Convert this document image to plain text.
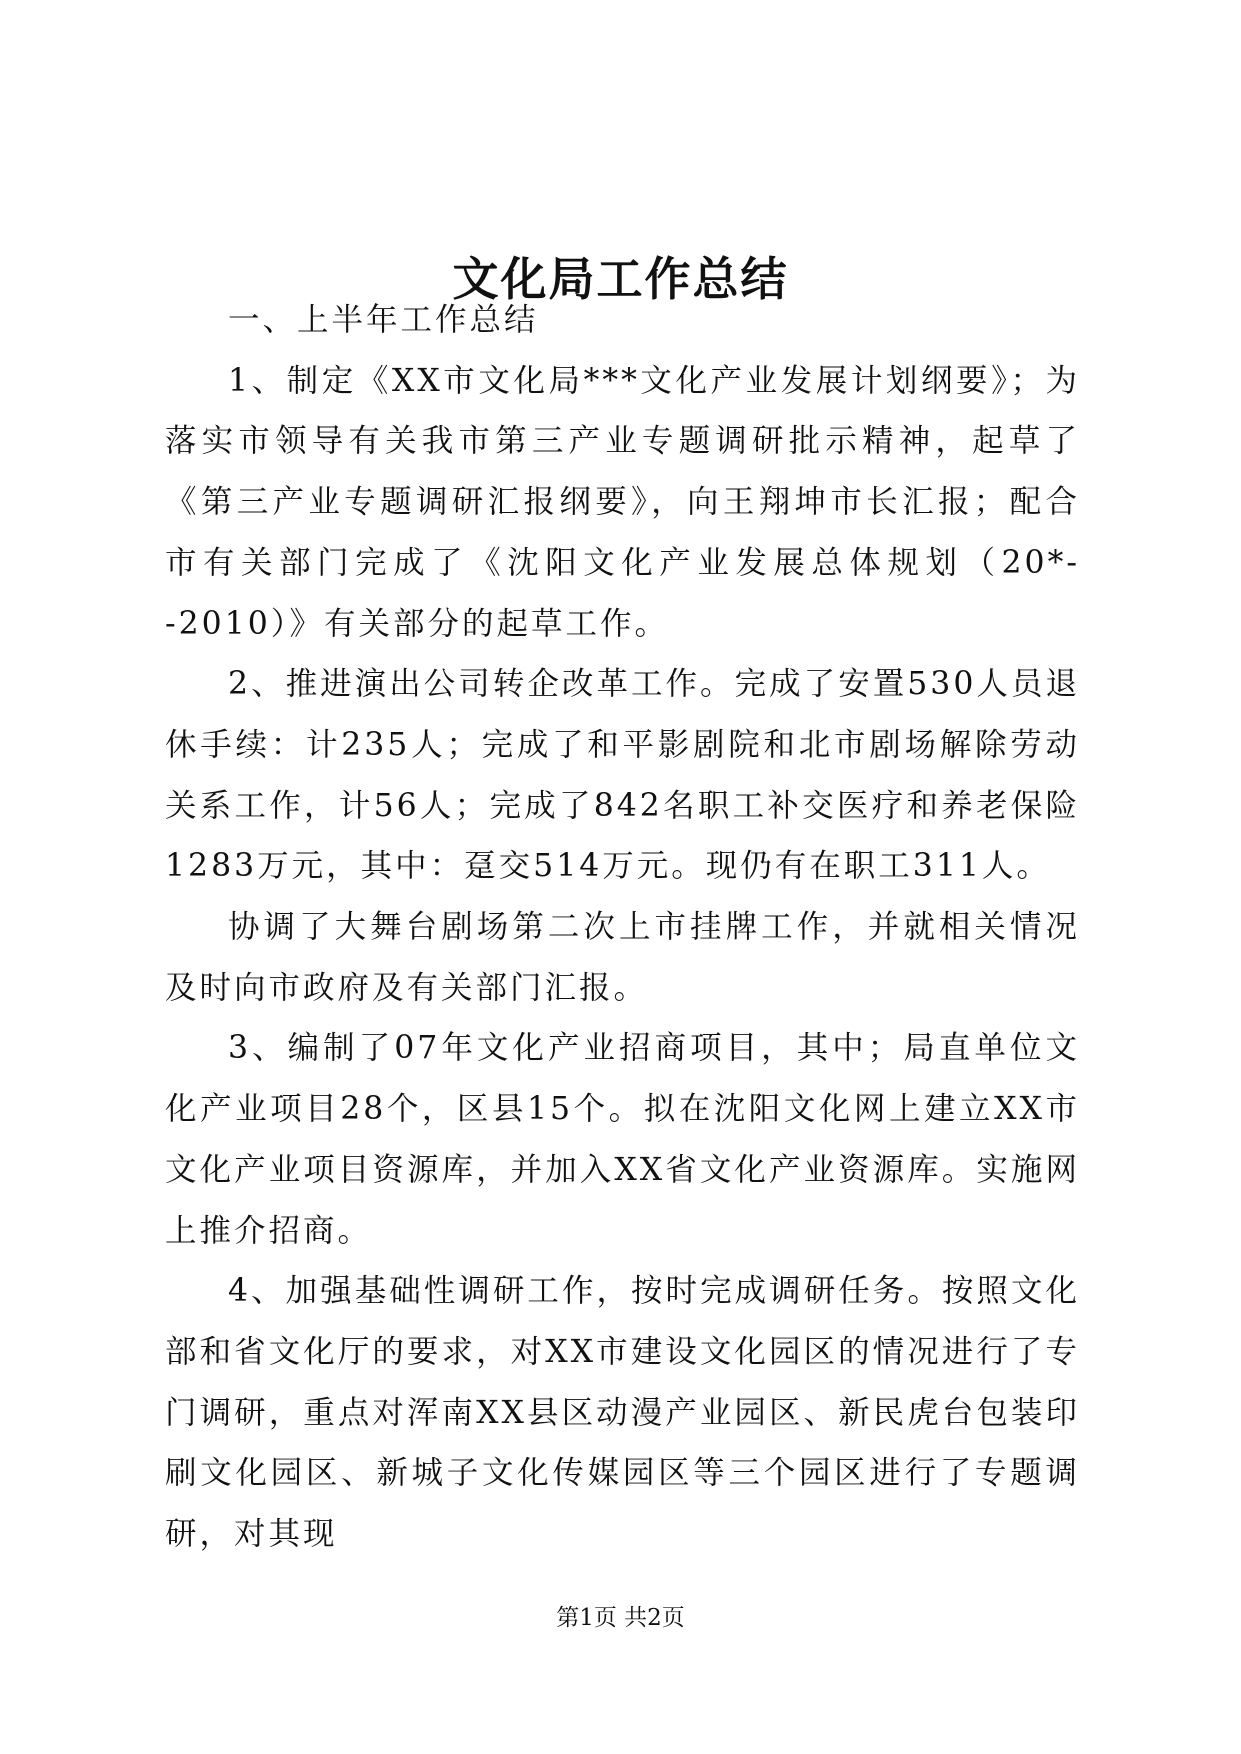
文化局工作总结

一、上半年工作总结

1、制定《XX市文化局***文化产业发展计划纲要》；为落实市领导有关我市第三产业专题调研批示精神，起草了《第三产业专题调研汇报纲要》，向王翔坤市长汇报；配合市有关部门完成了《沈阳文化产业发展总体规划（20*--2010）》有关部分的起草工作。

2、推进演出公司转企改革工作。完成了安置530人员退休手续：计235人；完成了和平影剧院和北市剧场解除劳动关系工作，计56人；完成了842名职工补交医疗和养老保险1283万元，其中：趸交514万元。现仍有在职工311人。

协调了大舞台剧场第二次上市挂牌工作，并就相关情况及时向市政府及有关部门汇报。

3、编制了07年文化产业招商项目，其中；局直单位文化产业项目28个，区县15个。拟在沈阳文化网上建立XX市文化产业项目资源库，并加入XX省文化产业资源库。实施网上推介招商。

4、加强基础性调研工作，按时完成调研任务。按照文化部和省文化厅的要求，对XX市建设文化园区的情况进行了专门调研，重点对浑南XX县区动漫产业园区、新民虎台包装印刷文化园区、新城子文化传媒园区等三个园区进行了专题调研，对其现

第1页 共2页
